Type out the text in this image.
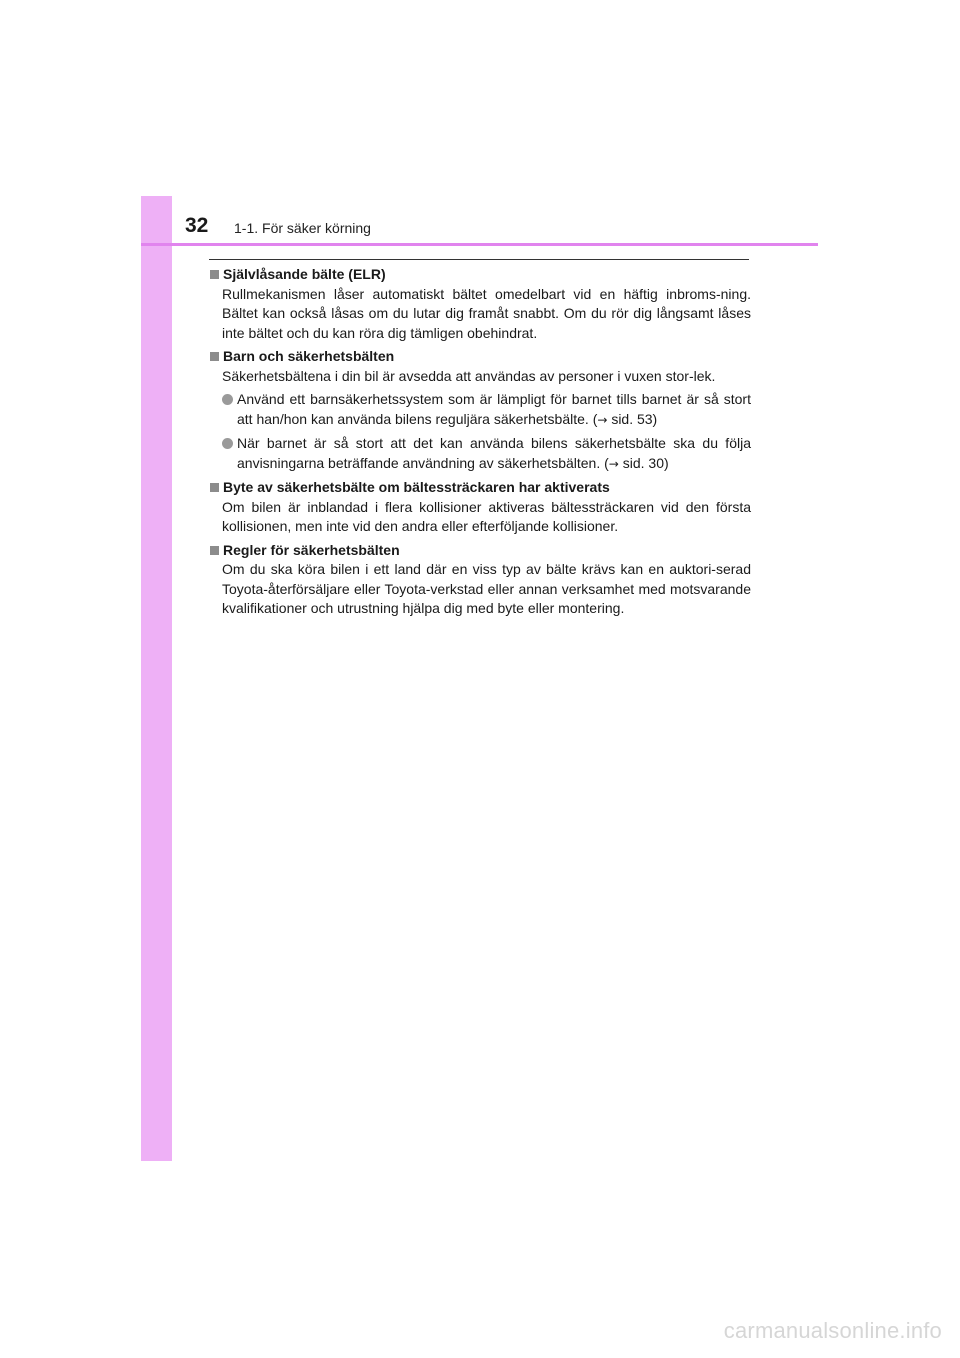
32 1-1. För säker körning
Självlåsande bälte (ELR)
Rullmekanismen låser automatiskt bältet omedelbart vid en häftig inbroms-ning. Bältet kan också låsas om du lutar dig framåt snabbt. Om du rör dig långsamt låses inte bältet och du kan röra dig tämligen obehindrat.
Barn och säkerhetsbälten
Säkerhetsbältena i din bil är avsedda att användas av personer i vuxen stor-lek.
Använd ett barnsäkerhetssystem som är lämpligt för barnet tills barnet är så stort att han/hon kan använda bilens reguljära säkerhetsbälte. (→ sid. 53)
När barnet är så stort att det kan använda bilens säkerhetsbälte ska du följa anvisningarna beträffande användning av säkerhetsbälten. (→ sid. 30)
Byte av säkerhetsbälte om bältessträckaren har aktiverats
Om bilen är inblandad i flera kollisioner aktiveras bältessträckaren vid den första kollisionen, men inte vid den andra eller efterföljande kollisioner.
Regler för säkerhetsbälten
Om du ska köra bilen i ett land där en viss typ av bälte krävs kan en auktori-serad Toyota-återförsäljare eller Toyota-verkstad eller annan verksamhet med motsvarande kvalifikationer och utrustning hjälpa dig med byte eller montering.
carmanualsonline.info
